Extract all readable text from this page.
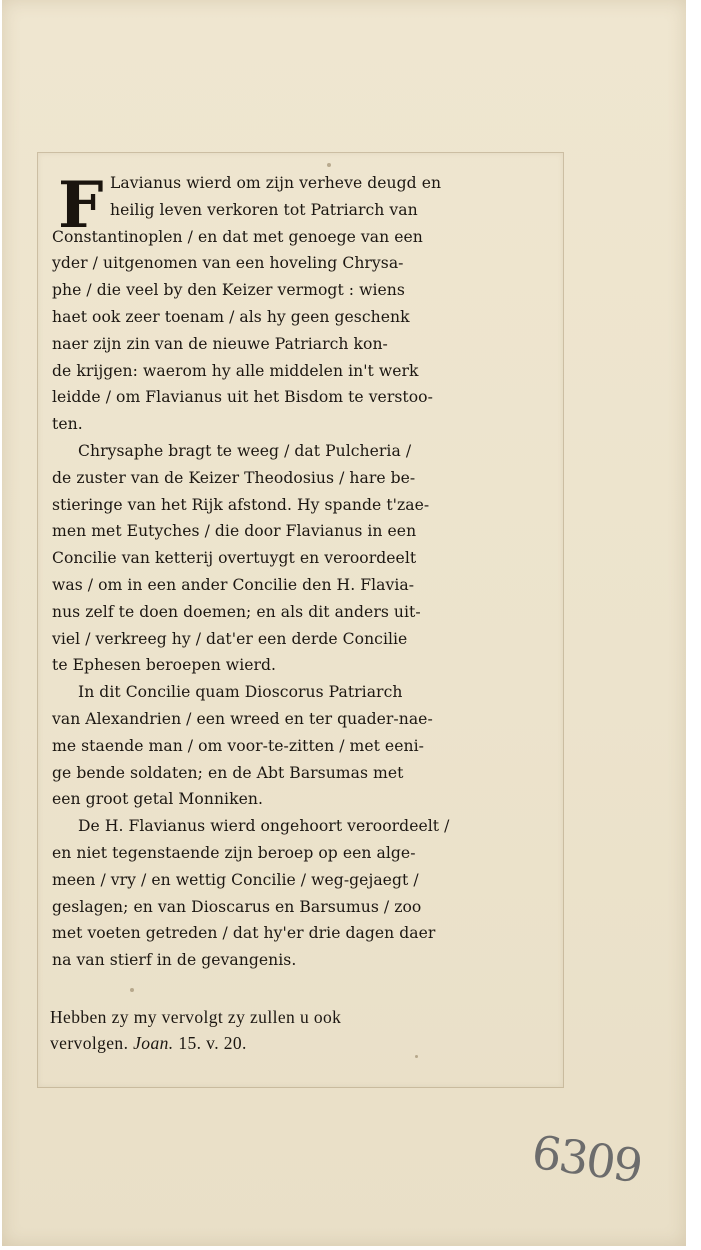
F Lavianus wierd om zijn verheve deugd en
heilig leven verkoren tot Patriarch van
Constantinoplen / en dat met genoege van een
yder / uitgenomen van een hoveling Chrysa-
phe / die veel by den Keizer vermogt : wiens
haet ook zeer toenam / als hy geen geschenk
naer zijn zin van de nieuwe Patriarch kon-
de krijgen: waerom hy alle middelen in't werk
leidde / om Flavianus uit het Bisdom te verstoo-
ten.
Chrysaphe bragt te weeg / dat Pulcheria /
de zuster van de Keizer Theodosius / hare be-
stieringe van het Rijk afstond. Hy spande t'zae-
men met Eutyches / die door Flavianus in een
Concilie van ketterij overtuygt en veroordeelt
was / om in een ander Concilie den H. Flavia-
nus zelf te doen doemen; en als dit anders uit-
viel / verkreeg hy / dat'er een derde Concilie
te Ephesen beroepen wierd.
In dit Concilie quam Dioscorus Patriarch
van Alexandrien / een wreed en ter quader-nae-
me staende man / om voor-te-zitten / met eeni-
ge bende soldaten; en de Abt Barsumas met
een groot getal Monniken.
De H. Flavianus wierd ongehoort veroordeelt /
en niet tegenstaende zijn beroep op een alge-
meen / vry / en wettig Concilie / weg-gejaegt /
geslagen; en van Dioscarus en Barsumus / zoo
met voeten getreden / dat hy'er drie dagen daer
na van stierf in de gevangenis.
Hebben zy my vervolgt zy zullen u ook
vervolgen. Joan. 15. v. 20.
6309
